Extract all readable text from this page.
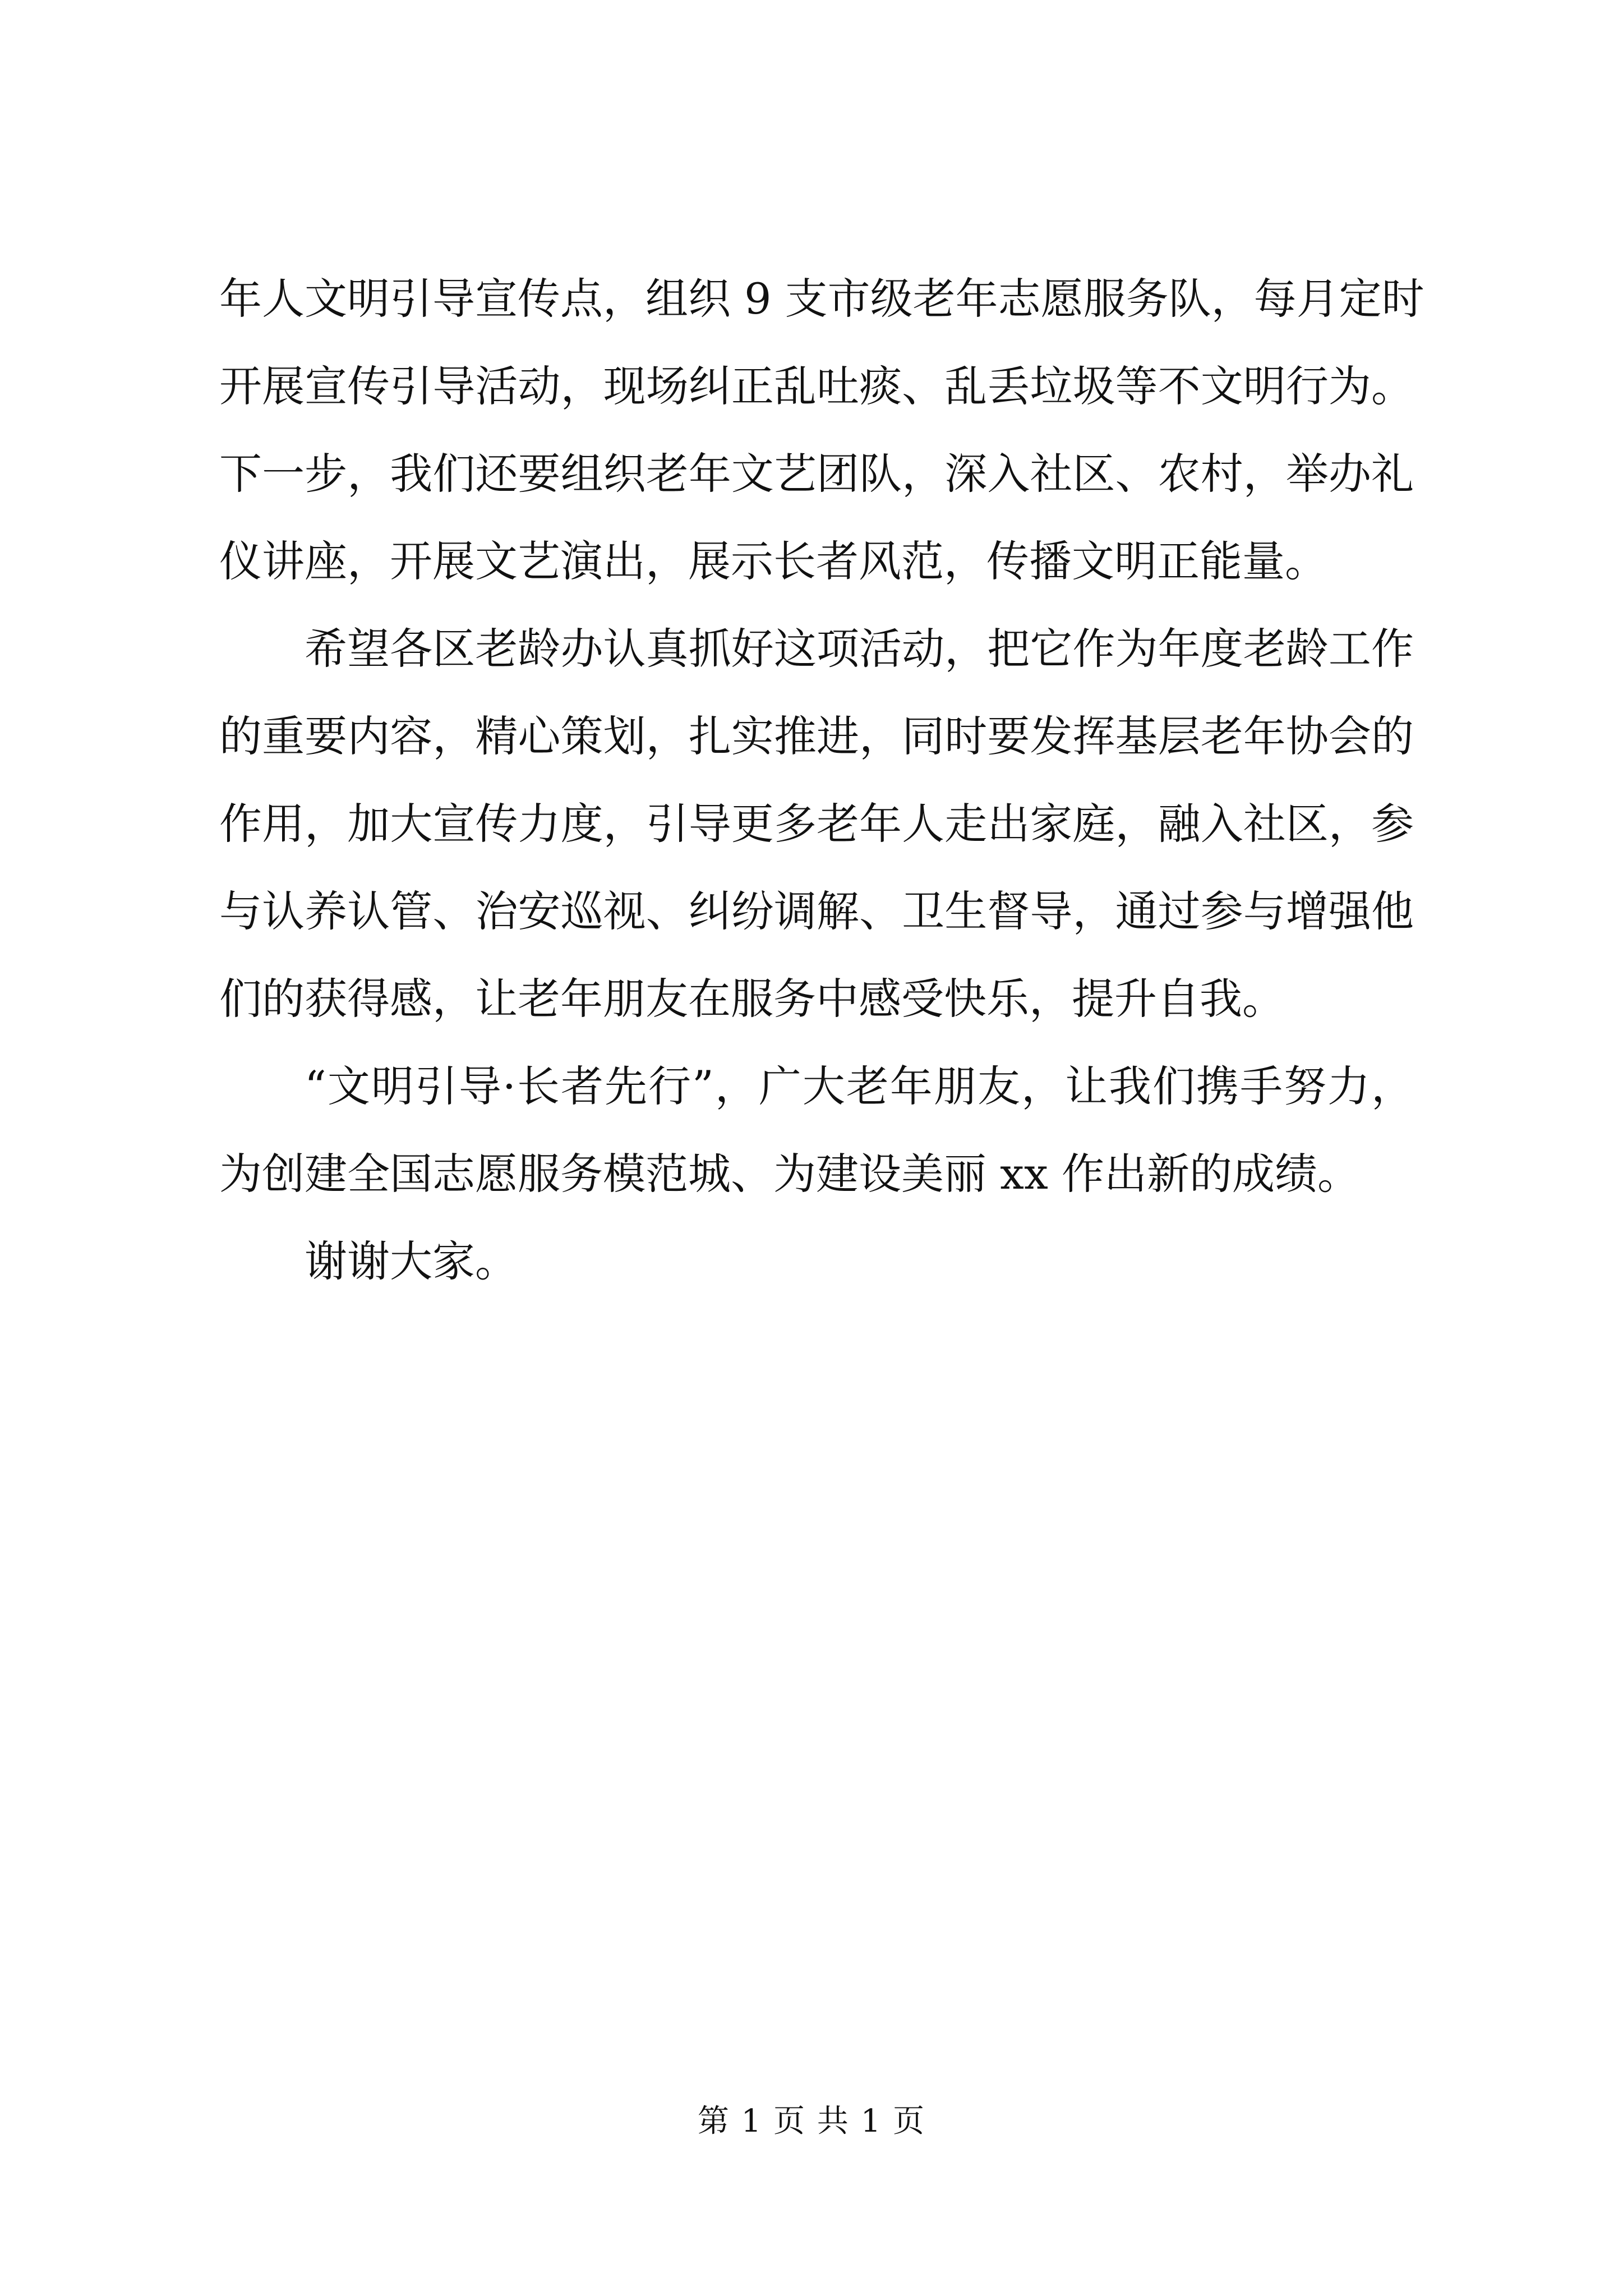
年人文明引导宣传点，组织 9 支市级老年志愿服务队，每月定时
开展宣传引导活动，现场纠正乱吐痰、乱丢垃圾等不文明行为。
下一步，我们还要组织老年文艺团队，深入社区、农村，举办礼
仪讲座，开展文艺演出，展示长者风范，传播文明正能量。
希望各区老龄办认真抓好这项活动，把它作为年度老龄工作
的重要内容，精心策划，扎实推进，同时要发挥基层老年协会的
作用，加大宣传力度，引导更多老年人走出家庭，融入社区，参
与认养认管、治安巡视、纠纷调解、卫生督导，通过参与增强他
们的获得感，让老年朋友在服务中感受快乐，提升自我。
“文明引导·长者先行”，广大老年朋友，让我们携手努力，
为创建全国志愿服务模范城、为建设美丽 xx 作出新的成绩。
谢谢大家。
第 1 页 共 1 页
